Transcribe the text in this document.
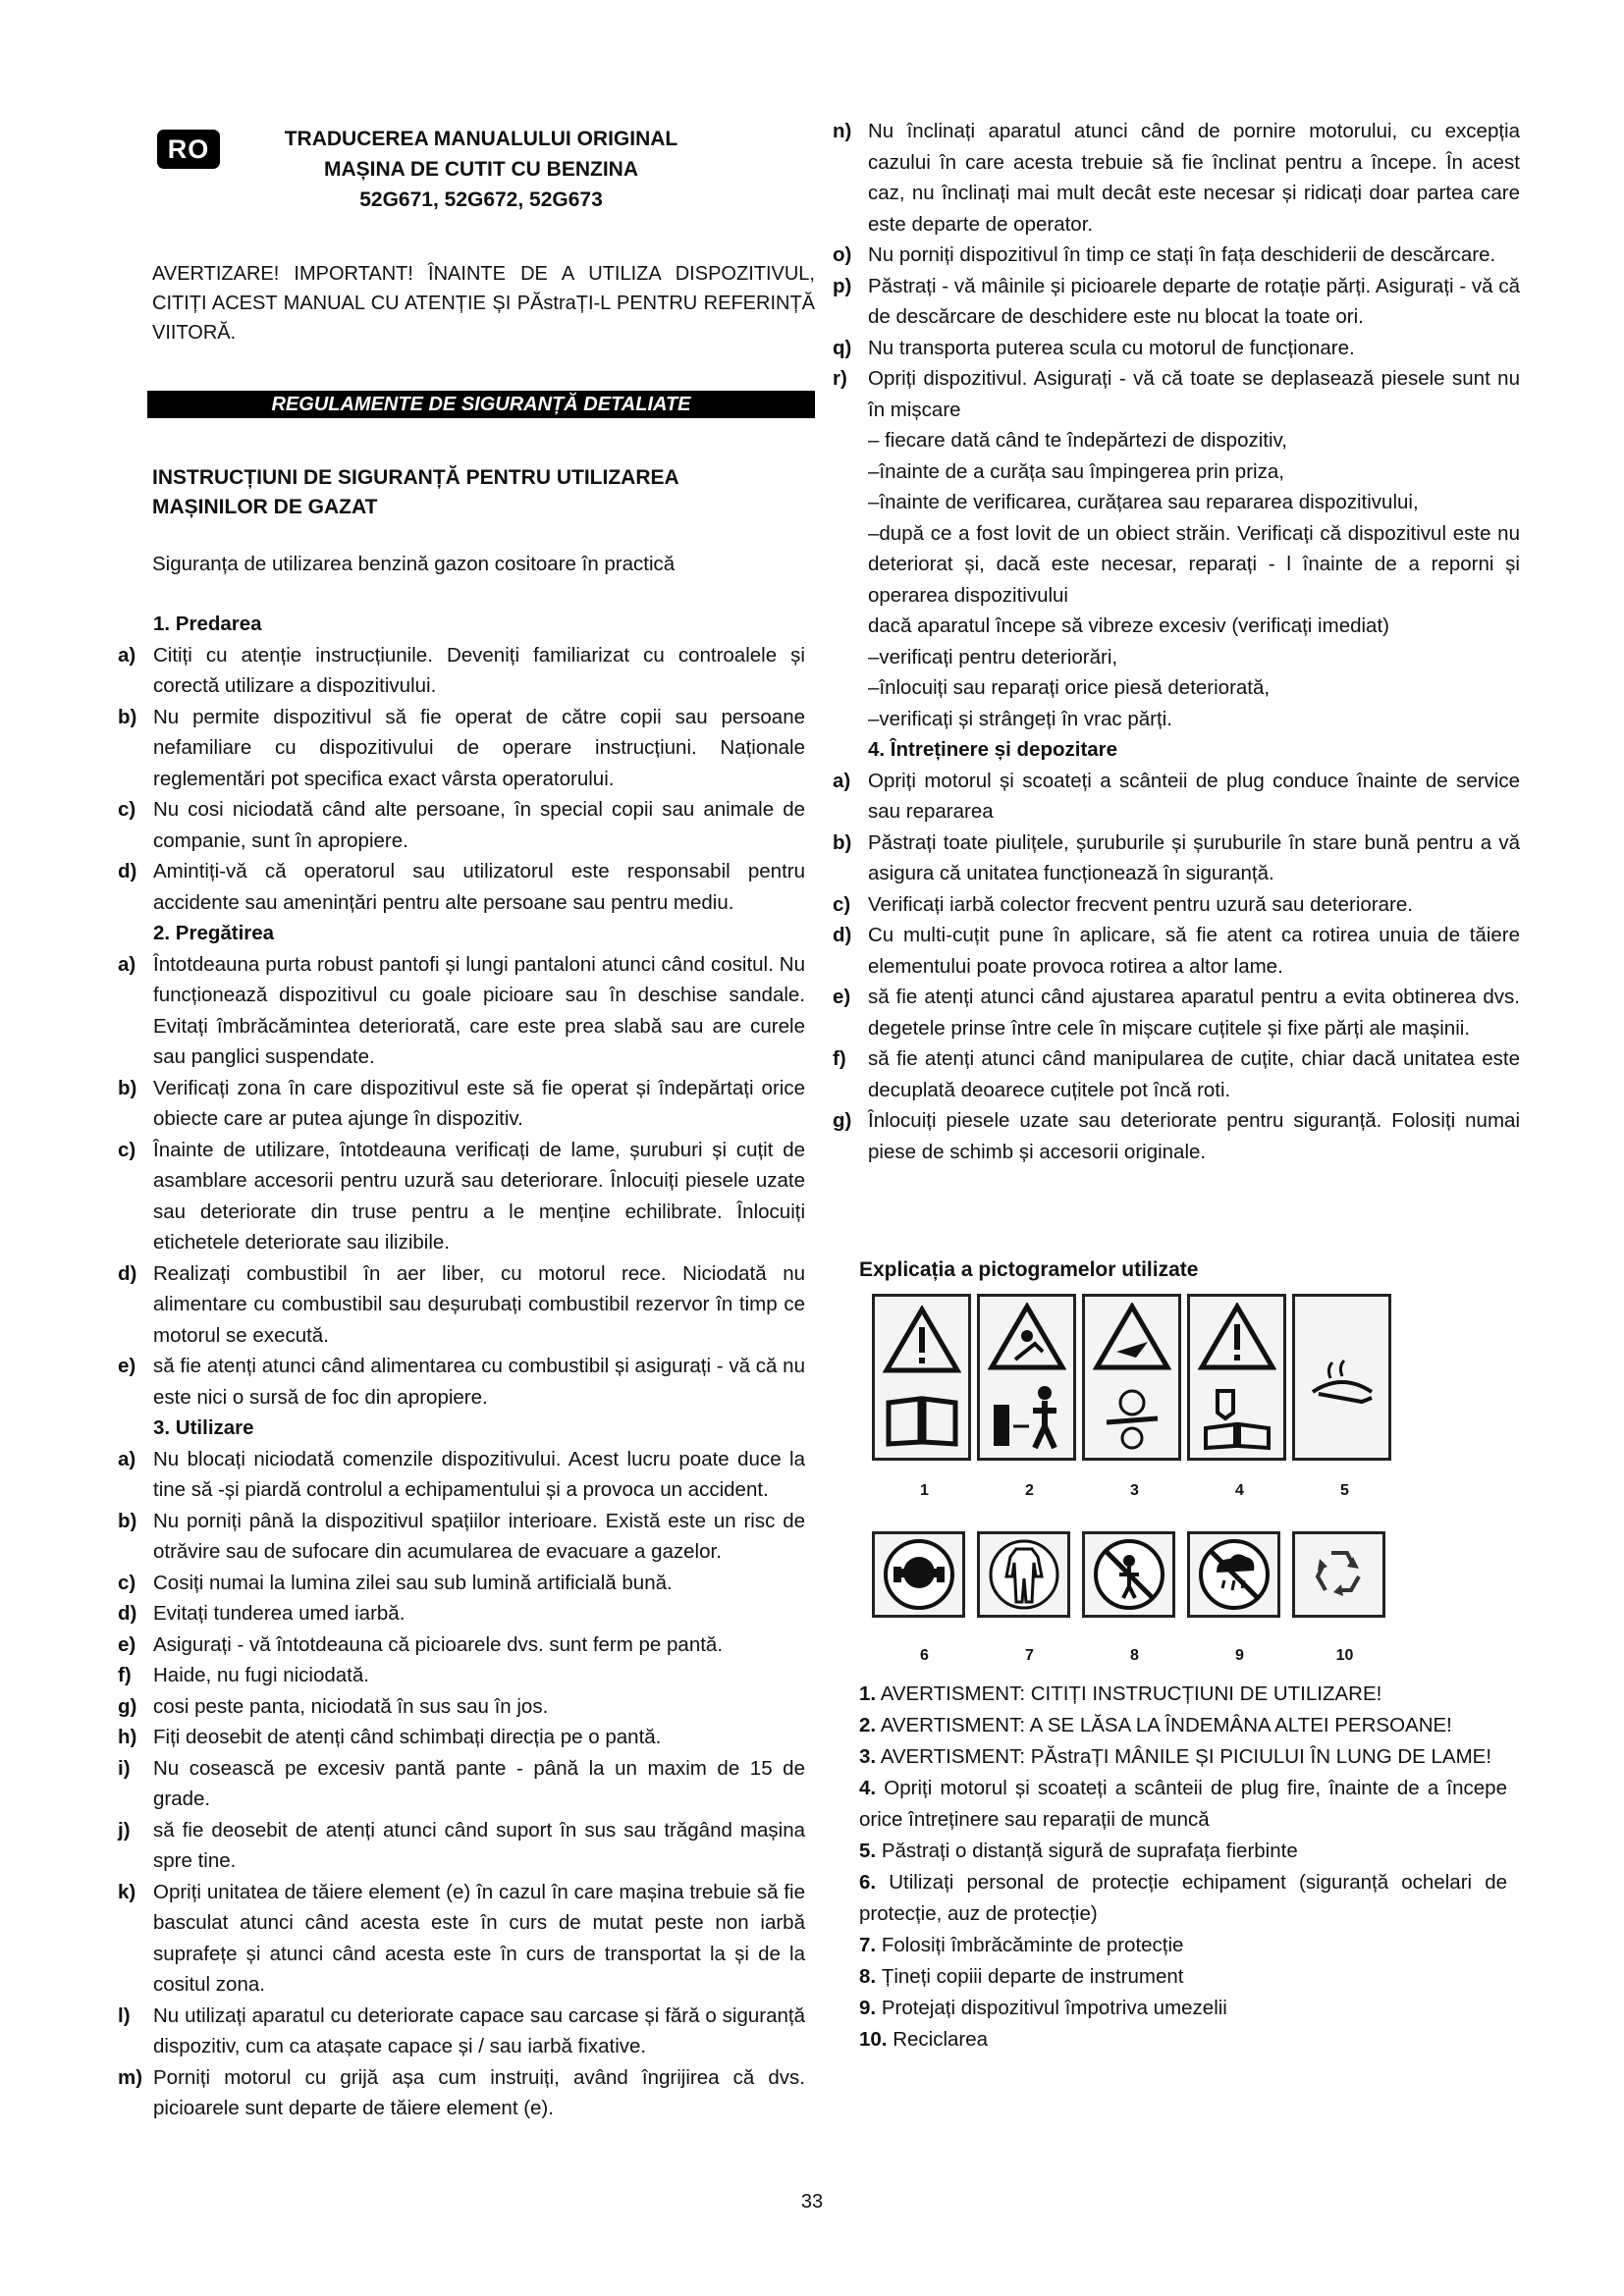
RO	TRADUCEREA MANUALULUI ORIGINAL

MAȘINA DE CUTIT CU BENZINA

52G671, 52G672, 52G673

AVERTIZARE! IMPORTANT! ÎNAINTE DE A UTILIZA DISPOZITIVUL, CITIȚI ACEST MANUAL CU ATENȚIE ȘI PĂstraȚI-L PENTRU REFERINȚĂ VIITORĂ.

REGULAMENTE DE SIGURANȚĂ DETALIATE

INSTRUCȚIUNI DE SIGURANȚĂ PENTRU UTILIZAREA MAȘINILOR DE GAZAT

Siguranța de utilizarea benzină gazon cositoare în practică

1. Predarea

a) Citiți cu atenție instrucțiunile. Deveniți familiarizat cu controalele și corectă utilizare a dispozitivului.
b) Nu permite dispozitivul să fie operat de către copii sau persoane nefamiliare cu dispozitivului de operare instrucțiuni. Naționale reglementări pot specifica exact vârsta operatorului.
c) Nu cosi niciodată când alte persoane, în special copii sau animale de companie, sunt în apropiere.
d) Amintiți-vă că operatorul sau utilizatorul este responsabil pentru accidente sau amenințări pentru alte persoane sau pentru mediu.

2. Pregătirea

a) Întotdeauna purta robust pantofi și lungi pantaloni atunci când cositul. Nu funcționează dispozitivul cu goale picioare sau în deschise sandale. Evitați îmbrăcămintea deteriorată, care este prea slabă sau are curele sau panglici suspendate.
b) Verificați zona în care dispozitivul este să fie operat și îndepărtați orice obiecte care ar putea ajunge în dispozitiv.
c) Înainte de utilizare, întotdeauna verificați de lame, șuruburi și cuțit de asamblare accesorii pentru uzură sau deteriorare. Înlocuiți piesele uzate sau deteriorate din truse pentru a le menține echilibrate. Înlocuiți etichetele deteriorate sau ilizibile.
d) Realizați combustibil în aer liber, cu motorul rece. Niciodată nu alimentare cu combustibil sau deșurubați combustibil rezervor în timp ce motorul se execută.
e) să fie atenți atunci când alimentarea cu combustibil și asigurați - vă că nu este nici o sursă de foc din apropiere.

3. Utilizare

a) Nu blocați niciodată comenzile dispozitivului. Acest lucru poate duce la tine să -și piardă controlul a echipamentului și a provoca un accident.
b) Nu porniți până la dispozitivul spațiilor interioare. Există este un risc de otrăvire sau de sufocare din acumularea de evacuare a gazelor.
c) Cosiți numai la lumina zilei sau sub lumină artificială bună.
d) Evitați tunderea umed iarbă.
e) Asigurați - vă întotdeauna că picioarele dvs. sunt ferm pe pantă.
f) Haide, nu fugi niciodată.
g) cosi peste panta, niciodată în sus sau în jos.
h) Fiți deosebit de atenți când schimbați direcția pe o pantă.
i) Nu cosească pe excesiv pantă pante - până la un maxim de 15 de grade.
j) să fie deosebit de atenți atunci când suport în sus sau trăgând mașina spre tine.
k) Opriți unitatea de tăiere element (e) în cazul în care mașina trebuie să fie basculat atunci când acesta este în curs de mutat peste non iarbă suprafețe și atunci când acesta este în curs de transportat la și de la cositul zona.
l) Nu utilizați aparatul cu deteriorate capace sau carcase și fără o siguranță dispozitiv, cum ca atașate capace și / sau iarbă fixative.
m) Porniți motorul cu grijă așa cum instruiți, având îngrijirea că dvs. picioarele sunt departe de tăiere element (e).
n) Nu înclinați aparatul atunci când de pornire motorului, cu excepția cazului în care acesta trebuie să fie înclinat pentru a începe. În acest caz, nu înclinați mai mult decât este necesar și ridicați doar partea care este departe de operator.
o) Nu porniți dispozitivul în timp ce stați în fața deschiderii de descărcare.
p) Păstrați - vă mâinile și picioarele departe de rotație părți. Asigurați - vă că de descărcare de deschidere este nu blocat la toate ori.
q) Nu transporta puterea scula cu motorul de funcționare.
r) Opriți dispozitivul. Asigurați - vă că toate se deplasează piesele sunt nu în mișcare

– fiecare dată când te îndepărtezi de dispozitiv,

–înainte de a curăța sau împingerea prin priza,

–înainte de verificarea, curățarea sau repararea dispozitivului,

–după ce a fost lovit de un obiect străin. Verificați că dispozitivul este nu deteriorat și, dacă este necesar, reparați - l înainte de a reporni și operarea dispozitivului

dacă aparatul începe să vibreze excesiv (verificați imediat)

–verificați pentru deteriorări,

–înlocuiți sau reparați orice piesă deteriorată,

–verificați și strângeți în vrac părți.

4. Întreținere și depozitare

a) Opriți motorul și scoateți a scânteii de plug conduce înainte de service sau repararea
b) Păstrați toate piulițele, șuruburile și șuruburile în stare bună pentru a vă asigura că unitatea funcționează în siguranță.
c) Verificați iarbă colector frecvent pentru uzură sau deteriorare.
d) Cu multi-cuțit pune în aplicare, să fie atent ca rotirea unuia de tăiere elementului poate provoca rotirea a altor lame.
e) să fie atenți atunci când ajustarea aparatul pentru a evita obtinerea dvs. degetele prinse între cele în mișcare cuțitele și fixe părți ale mașinii.
f) să fie atenți atunci când manipularea de cuțite, chiar dacă unitatea este decuplată deoarece cuțitele pot încă roti.
g) Înlocuiți piesele uzate sau deteriorate pentru siguranță. Folosiți numai piese de schimb și accesorii originale.

Explicația a pictogramelor utilizate

1	2	3	4	5
6	7	8	9	10

1. AVERTISMENT: CITIȚI INSTRUCȚIUNI DE UTILIZARE!

2. AVERTISMENT: A SE LĂSA LA ÎNDEMÂNA ALTEI PERSOANE!

3. AVERTISMENT: PĂstraȚI MÂNILE ȘI PICIULUI ÎN LUNG DE LAME!

4. Opriți motorul și scoateți a scânteii de plug fire, înainte de a începe orice întreținere sau reparații de muncă

5. Păstrați o distanță sigură de suprafața fierbinte

6. Utilizați personal de protecție echipament (siguranță ochelari de protecție, auz de protecție)

7. Folosiți îmbrăcăminte de protecție

8. Țineți copiii departe de instrument

9. Protejați dispozitivul împotriva umezelii

10. Reciclarea

33
